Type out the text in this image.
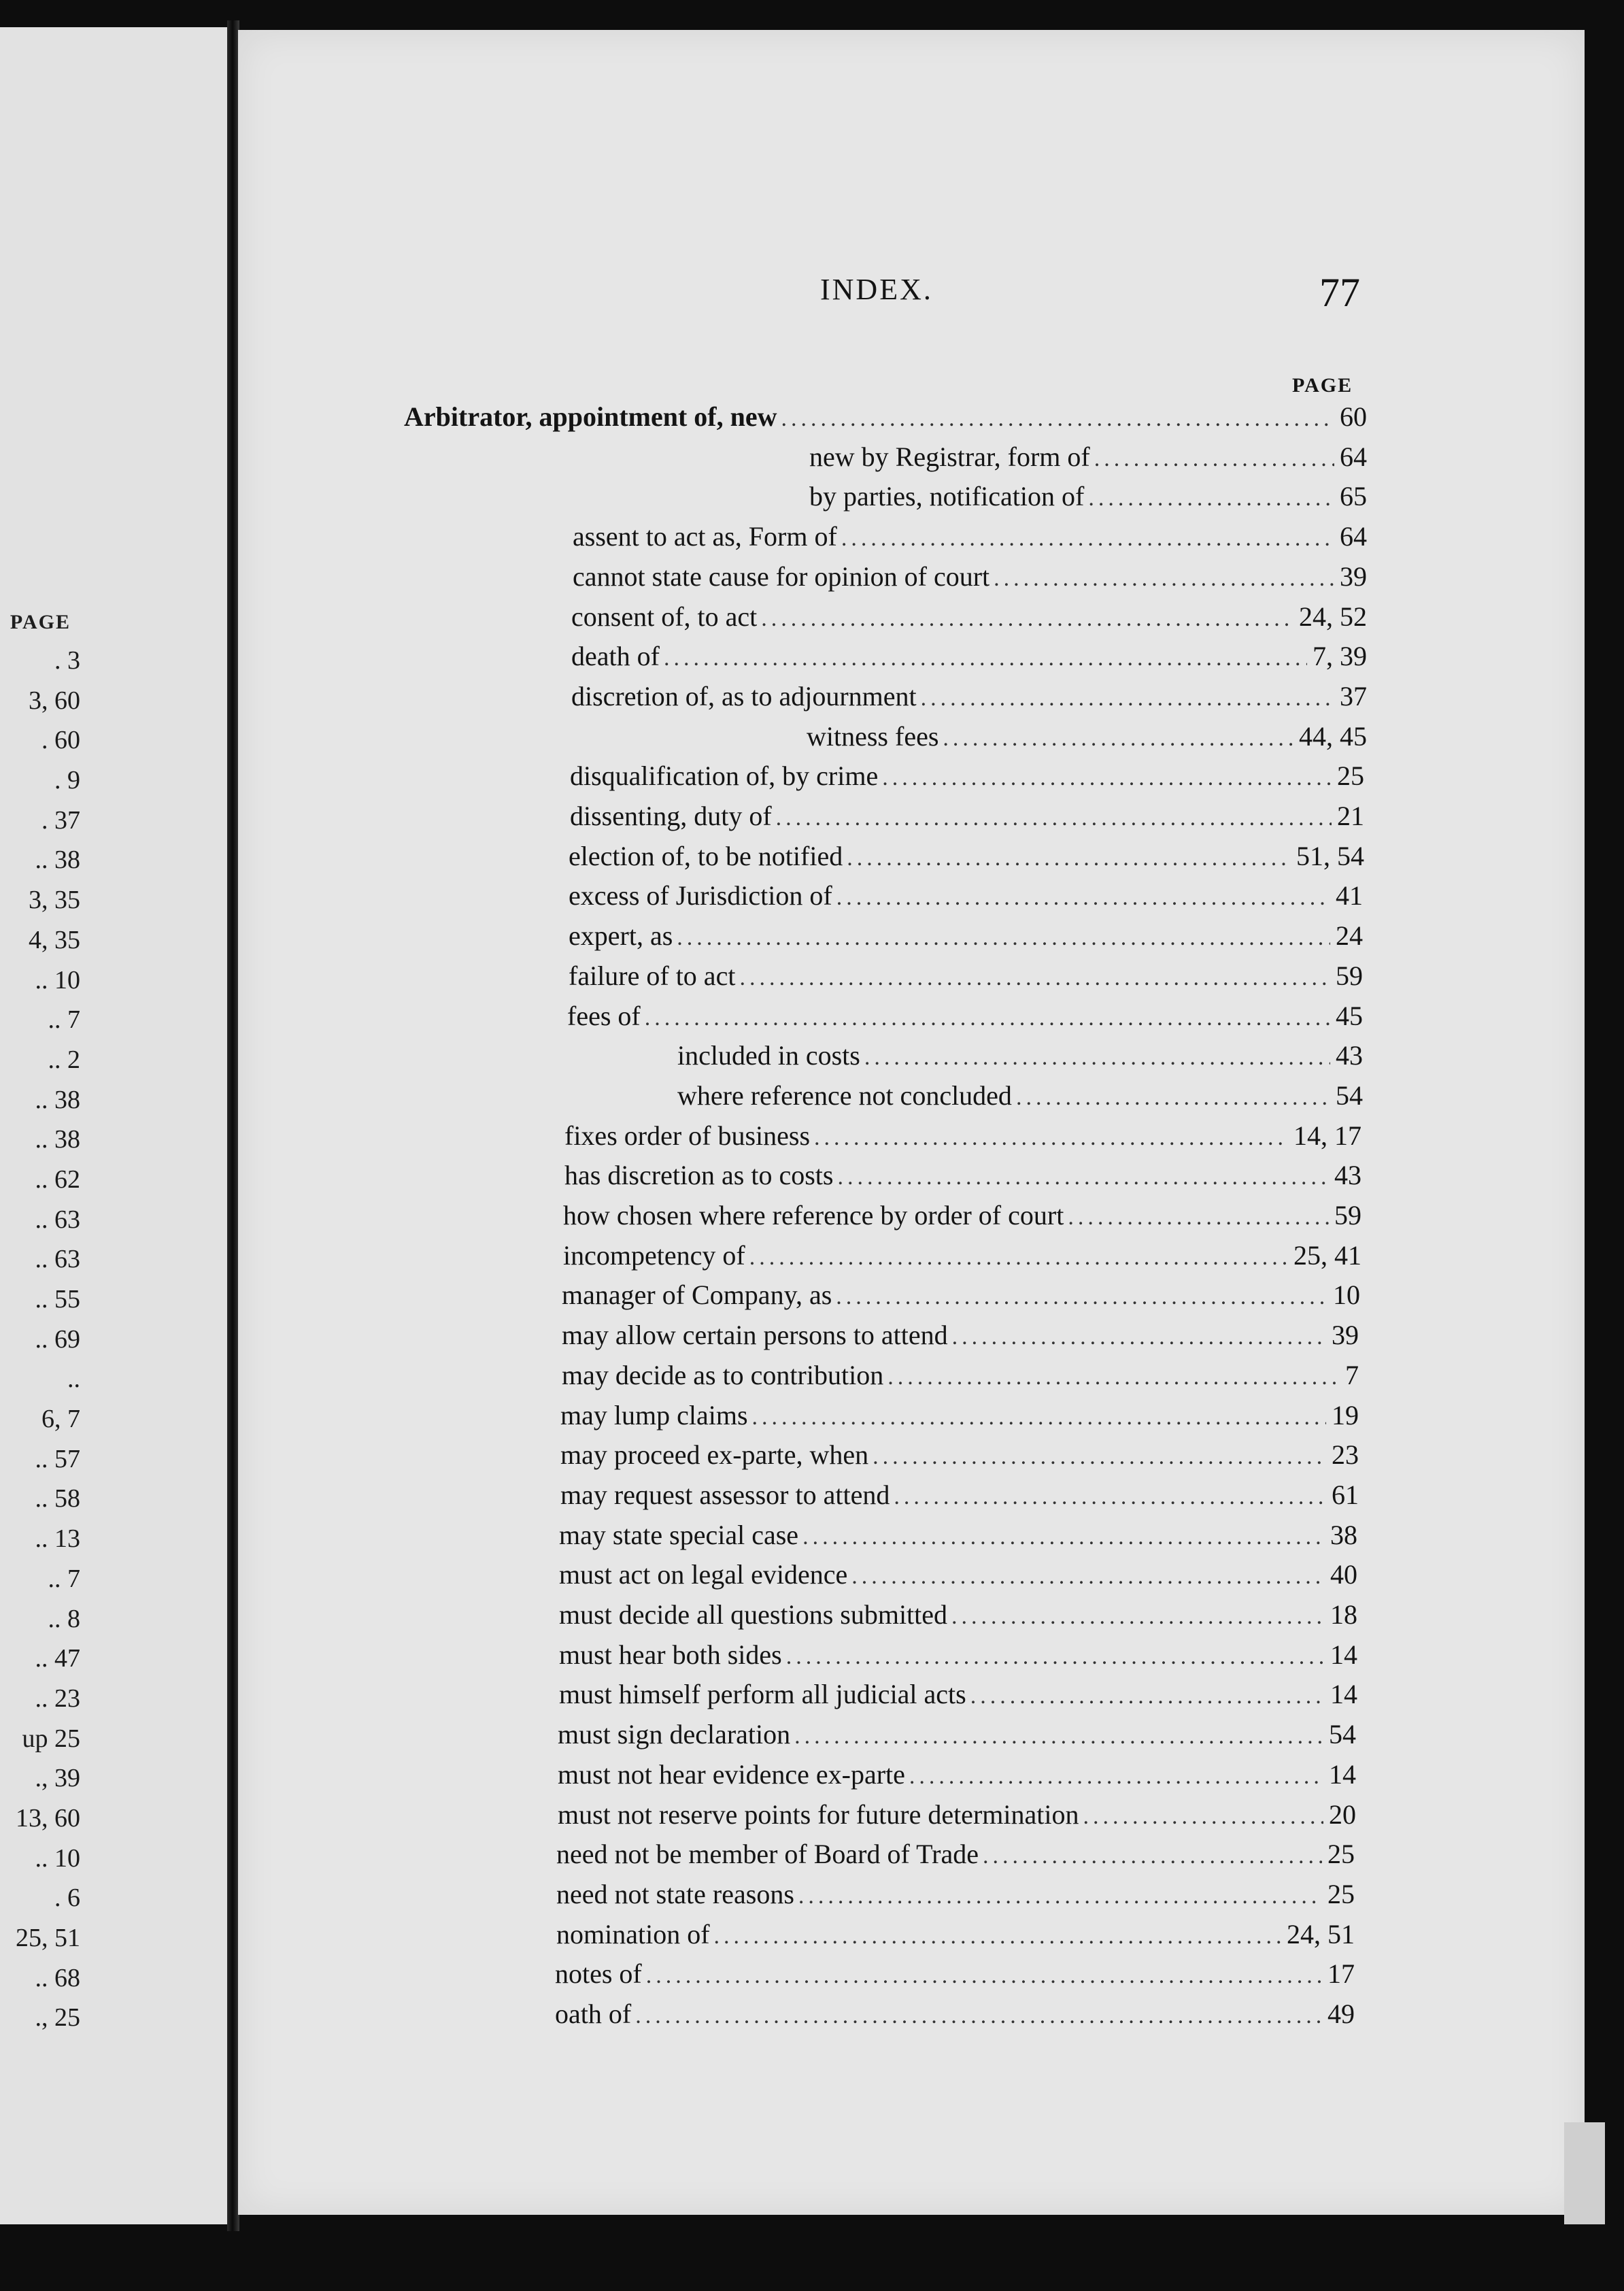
PAGE
. 3
3, 60
. 60
. 9
. 37
.. 38
3, 35
4, 35
.. 10
.. 7
.. 2
.. 38
.. 38
.. 62
.. 63
.. 63
.. 55
.. 69
..
6, 7
.. 57
.. 58
.. 13
.. 7
.. 8
.. 47
.. 23
up 25
., 39
13, 60
.. 10
. 6
25, 51
.. 68
., 25
INDEX.	77
PAGE
Arbitrator, appointment of, new .....	60
new by Registrar, form of .....	64
by parties, notification of .....	65
assent to act as, Form of .....	64
cannot state cause for opinion of court .....	39
consent of, to act .....	24, 52
death of .....	7, 39
discretion of, as to adjournment .....	37
witness fees .....	44, 45
disqualification of, by crime .....	25
dissenting, duty of .....	21
election of, to be notified .....	51, 54
excess of Jurisdiction of .....	41
expert, as .....	24
failure of to act .....	59
fees of .....	45
included in costs .....	43
where reference not concluded .....	54
fixes order of business .....	14, 17
has discretion as to costs .....	43
how chosen where reference by order of court .....	59
incompetency of .....	25, 41
manager of Company, as .....	10
may allow certain persons to attend .....	39
may decide as to contribution .....	7
may lump claims .....	19
may proceed ex-parte, when .....	23
may request assessor to attend .....	61
may state special case .....	38
must act on legal evidence .....	40
must decide all questions submitted .....	18
must hear both sides .....	14
must himself perform all judicial acts .....	14
must sign declaration .....	54
must not hear evidence ex-parte .....	14
must not reserve points for future determination .....	20
need not be member of Board of Trade .....	25
need not state reasons .....	25
nomination of .....	24, 51
notes of .....	17
oath of .....	49
